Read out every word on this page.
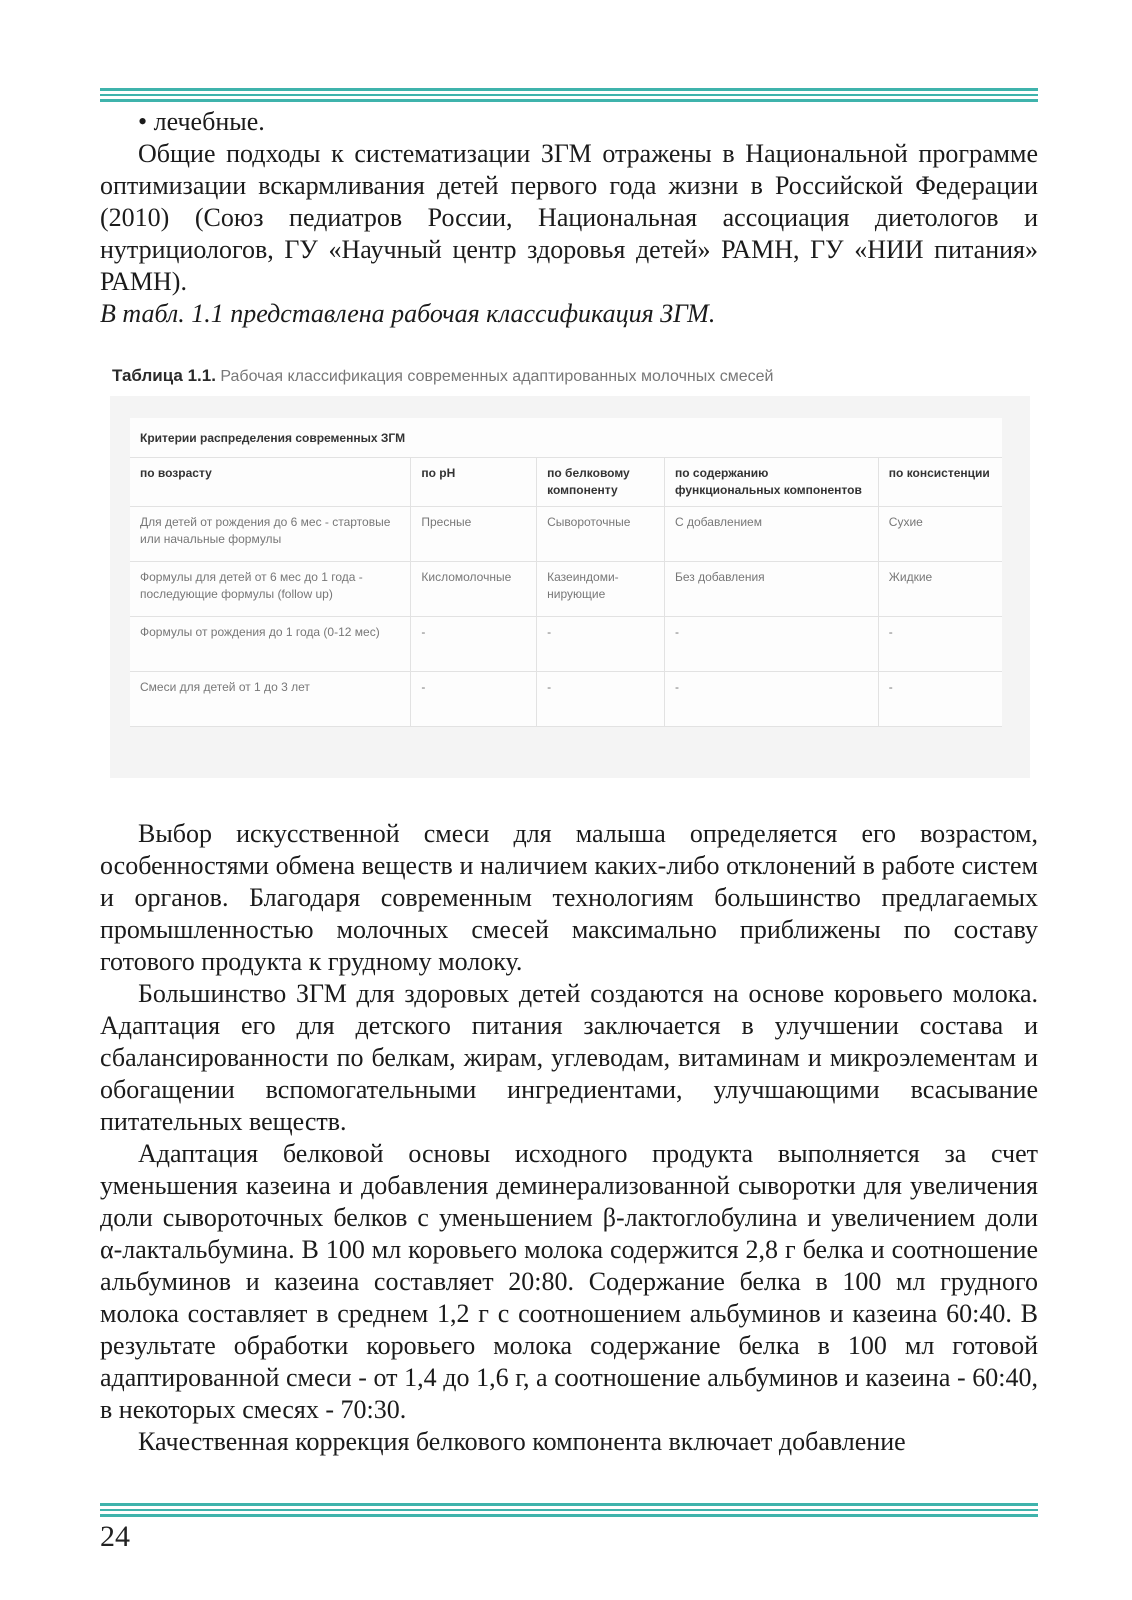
• лечебные.

Общие подходы к систематизации ЗГМ отражены в Национальной программе оптимизации вскармливания детей первого года жизни в Российской Федерации (2010) (Союз педиатров России, Национальная ассоциация диетологов и нутрициологов, ГУ «Научный центр здоровья детей» РАМН, ГУ «НИИ питания» РАМН).

В табл. 1.1 представлена рабочая классификация ЗГМ.

Таблица 1.1. Рабочая классификация современных адаптированных молочных смесей
Критерии распределения современных ЗГМ				
по возрасту	по pH	по белковому компоненту	по содержанию функциональных компонентов	по консистенции
Для детей от рождения до 6 мес - стартовые или начальные формулы	Пресные	Сывороточные	С добавлением	Сухие
Формулы для детей от 6 мес до 1 года - последующие формулы (follow up)	Кисломолочные	Казеиндоми-нирующие	Без добавления	Жидкие
Формулы от рождения до 1 года (0-12 мес)	-	-	-	-
Смеси для детей от 1 до 3 лет	-	-	-	-

Выбор искусственной смеси для малыша определяется его возрастом, особенностями обмена веществ и наличием каких-либо отклонений в работе систем и органов. Благодаря современным технологиям большинство предлагаемых промышленностью молочных смесей максимально приближены по составу готового продукта к грудному молоку.

Большинство ЗГМ для здоровых детей создаются на основе коровьего молока. Адаптация его для детского питания заключается в улучшении состава и сбалансированности по белкам, жирам, углеводам, витаминам и микроэлементам и обогащении вспомогательными ингредиентами, улучшающими всасывание питательных веществ.

Адаптация белковой основы исходного продукта выполняется за счет уменьшения казеина и добавления деминерализованной сыворотки для увеличения доли сывороточных белков с уменьшением β-лактоглобулина и увеличением доли α-лактальбумина. В 100 мл коровьего молока содержится 2,8 г белка и соотношение альбуминов и казеина составляет 20:80. Содержание белка в 100 мл грудного молока составляет в среднем 1,2 г с соотношением альбуминов и казеина 60:40. В результате обработки коровьего молока содержание белка в 100 мл готовой адаптированной смеси - от 1,4 до 1,6 г, а соотношение альбуминов и казеина - 60:40, в некоторых смесях - 70:30.

Качественная коррекция белкового компонента включает добавление

24
